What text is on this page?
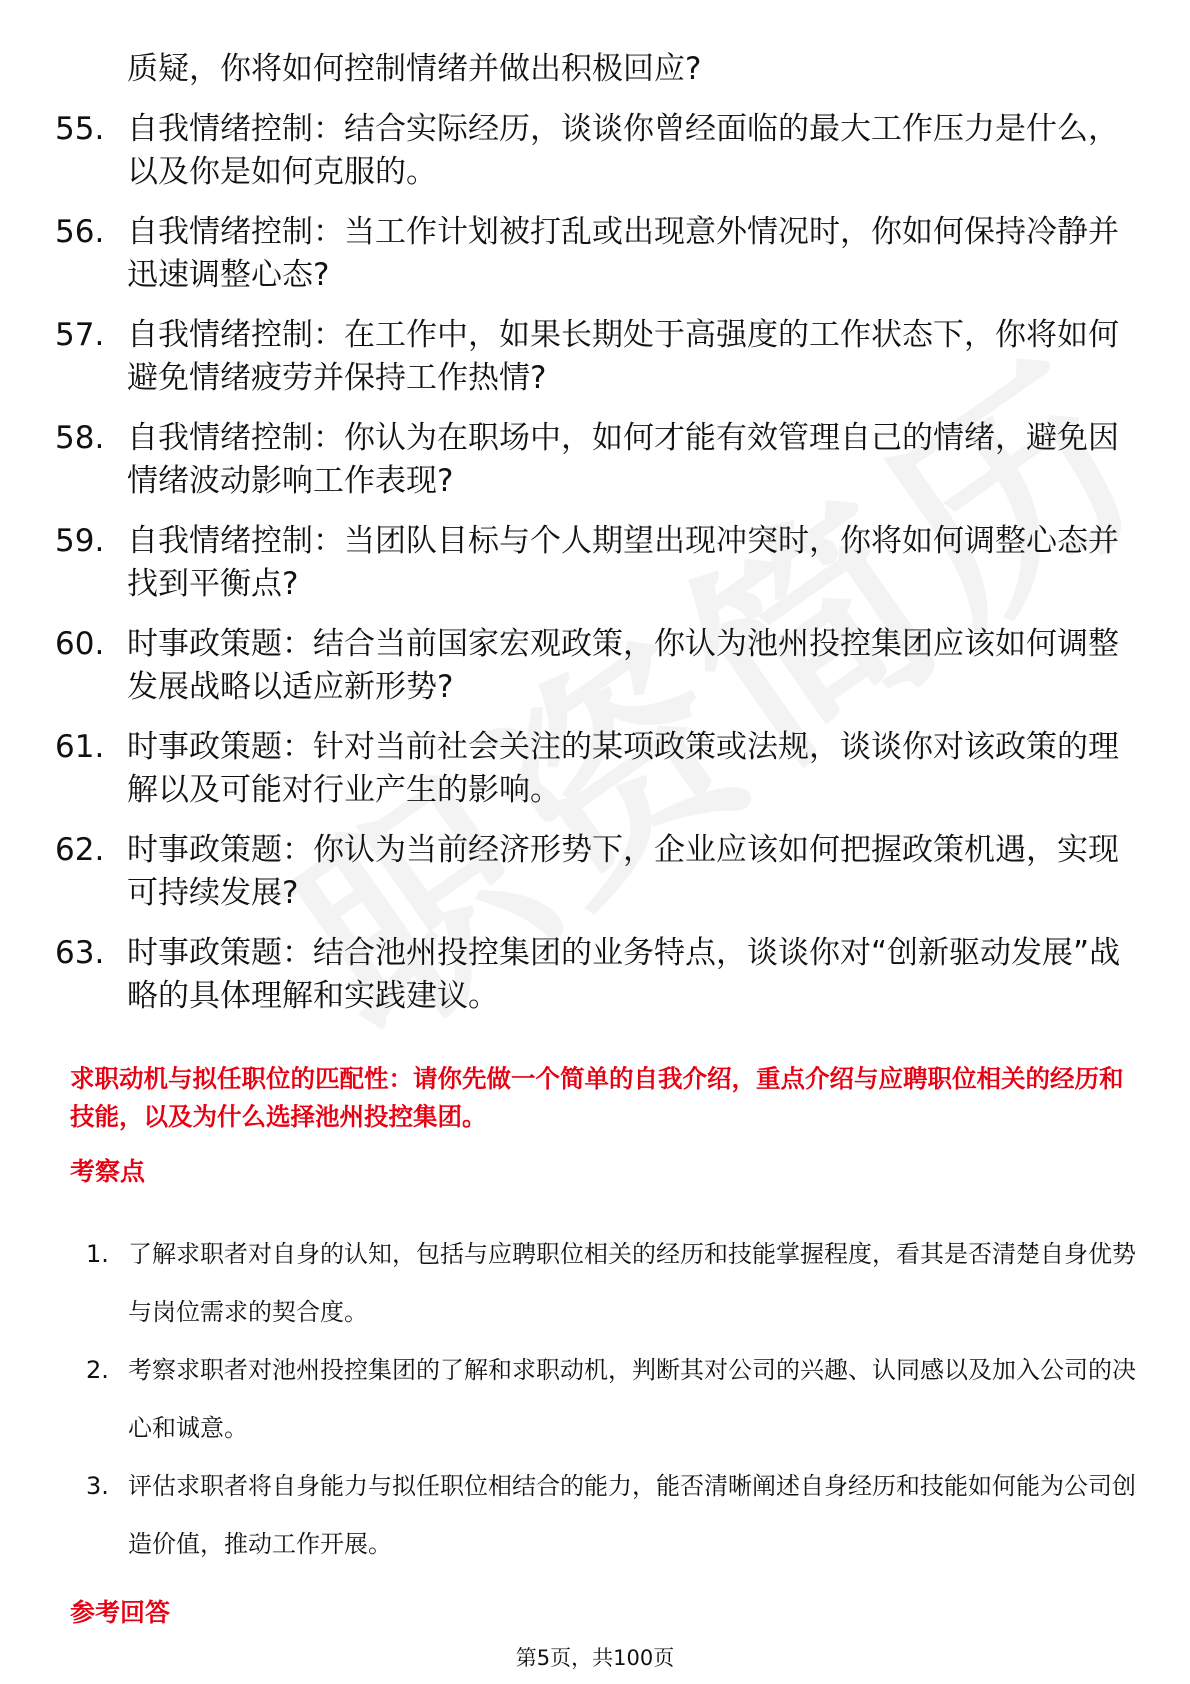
质疑，你将如何控制情绪并做出积极回应?
55. 自我情绪控制：结合实际经历，谈谈你曾经面临的最大工作压力是什么，以及你是如何克服的。
56. 自我情绪控制：当工作计划被打乱或出现意外情况时，你如何保持冷静并迅速调整心态?
57. 自我情绪控制：在工作中，如果长期处于高强度的工作状态下，你将如何避免情绪疲劳并保持工作热情?
58. 自我情绪控制：你认为在职场中，如何才能有效管理自己的情绪，避免因情绪波动影响工作表现?
59. 自我情绪控制：当团队目标与个人期望出现冲突时，你将如何调整心态并找到平衡点?
60. 时事政策题：结合当前国家宏观政策，你认为池州投控集团应该如何调整发展战略以适应新形势?
61. 时事政策题：针对当前社会关注的某项政策或法规，谈谈你对该政策的理解以及可能对行业产生的影响。
62. 时事政策题：你认为当前经济形势下，企业应该如何把握政策机遇，实现可持续发展?
63. 时事政策题：结合池州投控集团的业务特点，谈谈你对“创新驱动发展”战略的具体理解和实践建议。
求职动机与拟任职位的匹配性：请你先做一个简单的自我介绍，重点介绍与应聘职位相关的经历和技能，以及为什么选择池州投控集团。
考察点
1. 了解求职者对自身的认知，包括与应聘职位相关的经历和技能掌握程度，看其是否清楚自身优势与岗位需求的契合度。
2. 考察求职者对池州投控集团的了解和求职动机，判断其对公司的兴趣、认同感以及加入公司的决心和诚意。
3. 评估求职者将自身能力与拟任职位相结合的能力，能否清晰阐述自身经历和技能如何能为公司创造价值，推动工作开展。
参考回答
第5页，共100页
